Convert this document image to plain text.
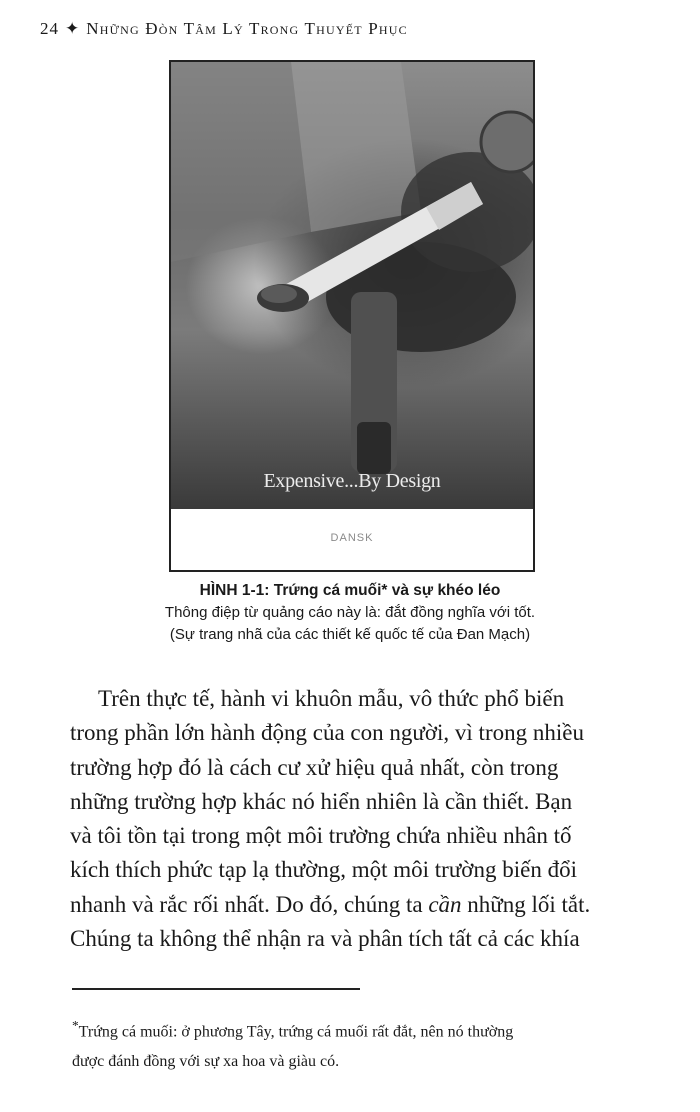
24 ✦ Những Đòn Tâm Lý Trong Thuyết Phục
Expensive...By Design
DANSK
HÌNH 1-1: Trứng cá muối* và sự khéo léo
Thông điệp từ quảng cáo này là: đắt đồng nghĩa với tốt.
(Sự trang nhã của các thiết kế quốc tế của Đan Mạch)
Trên thực tế, hành vi khuôn mẫu, vô thức phổ biến
trong phần lớn hành động của con người, vì trong nhiều
trường hợp đó là cách cư xử hiệu quả nhất, còn trong
những trường hợp khác nó hiển nhiên là cần thiết. Bạn
và tôi tồn tại trong một môi trường chứa nhiều nhân tố
kích thích phức tạp lạ thường, một môi trường biến đổi
nhanh và rắc rối nhất. Do đó, chúng ta cần những lối tắt.
Chúng ta không thể nhận ra và phân tích tất cả các khía
*Trứng cá muối: ở phương Tây, trứng cá muối rất đắt, nên nó thường
được đánh đồng với sự xa hoa và giàu có.
